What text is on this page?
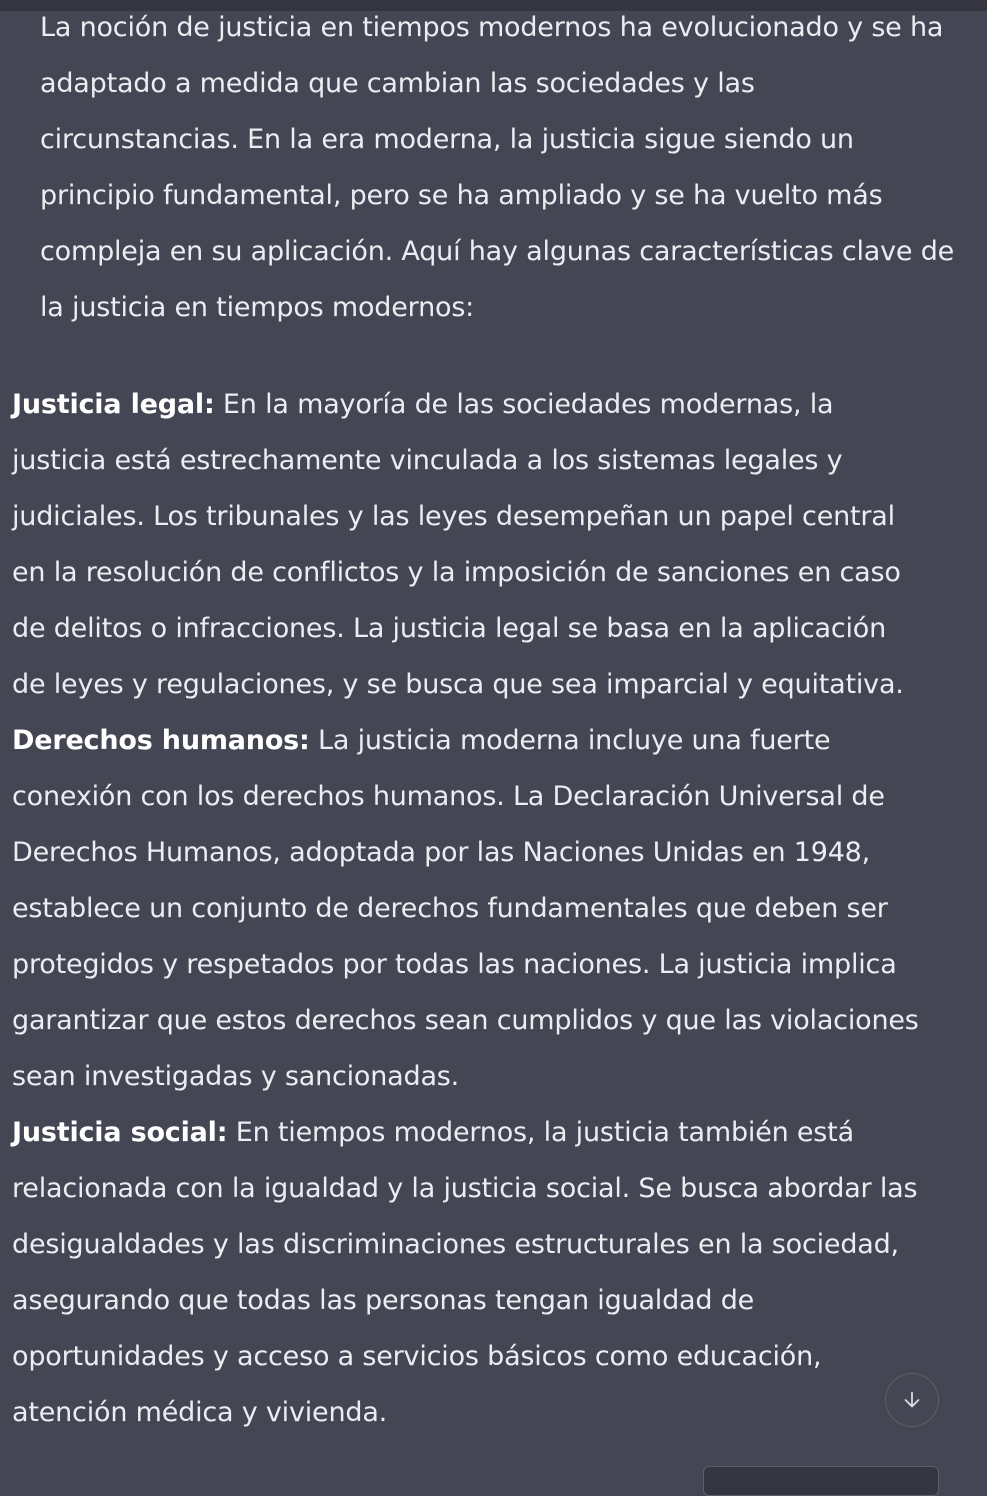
La noción de justicia en tiempos modernos ha evolucionado y se ha adaptado a medida que cambian las sociedades y las circunstancias. En la era moderna, la justicia sigue siendo un principio fundamental, pero se ha ampliado y se ha vuelto más compleja en su aplicación. Aquí hay algunas características clave de la justicia en tiempos modernos:

Justicia legal: En la mayoría de las sociedades modernas, la justicia está estrechamente vinculada a los sistemas legales y judiciales. Los tribunales y las leyes desempeñan un papel central en la resolución de conflictos y la imposición de sanciones en caso de delitos o infracciones. La justicia legal se basa en la aplicación de leyes y regulaciones, y se busca que sea imparcial y equitativa.
Derechos humanos: La justicia moderna incluye una fuerte conexión con los derechos humanos. La Declaración Universal de Derechos Humanos, adoptada por las Naciones Unidas en 1948, establece un conjunto de derechos fundamentales que deben ser protegidos y respetados por todas las naciones. La justicia implica garantizar que estos derechos sean cumplidos y que las violaciones sean investigadas y sancionadas.
Justicia social: En tiempos modernos, la justicia también está relacionada con la igualdad y la justicia social. Se busca abordar las desigualdades y las discriminaciones estructurales en la sociedad, asegurando que todas las personas tengan igualdad de oportunidades y acceso a servicios básicos como educación, atención médica y vivienda.
